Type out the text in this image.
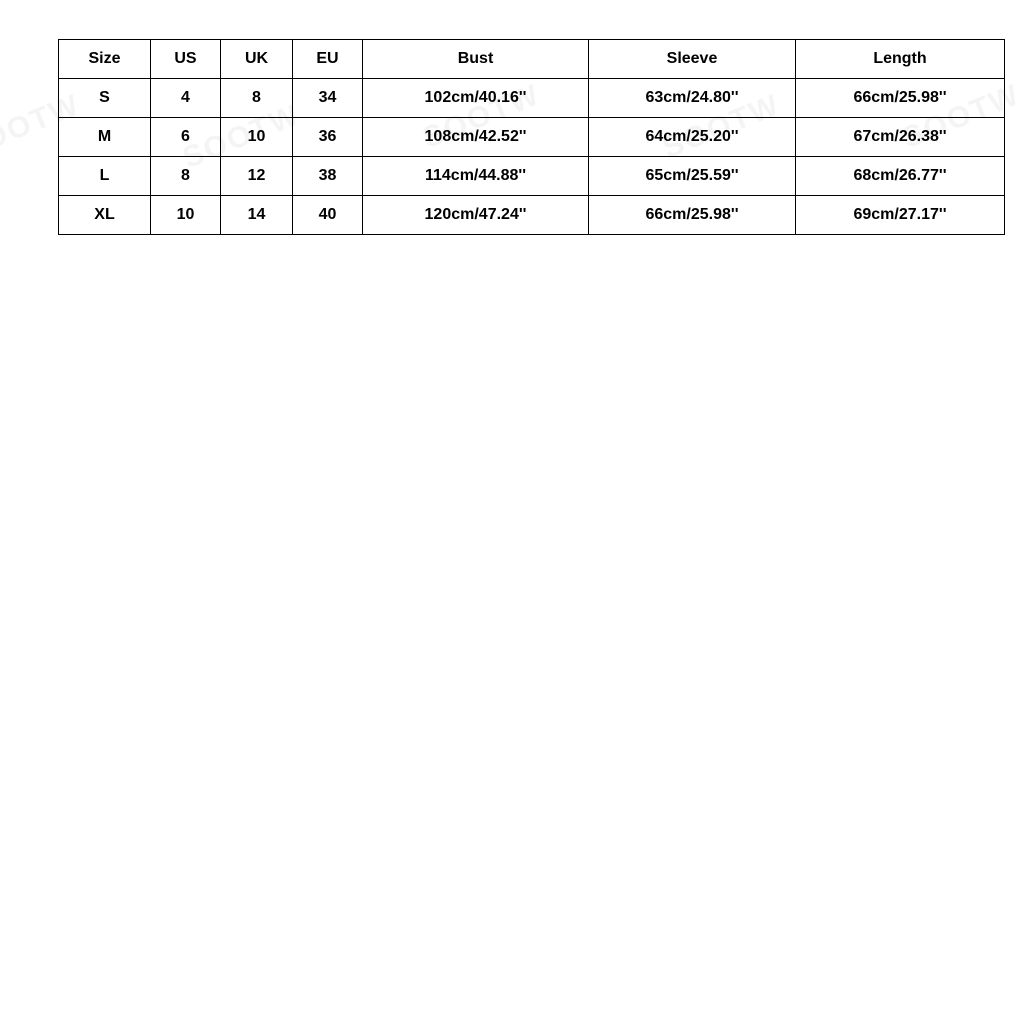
Size	US	UK	EU	Bust	Sleeve	Length
S	4	8	34	102cm/40.16''	63cm/24.80''	66cm/25.98''
M	6	10	36	108cm/42.52''	64cm/25.20''	67cm/26.38''
L	8	12	38	114cm/44.88''	65cm/25.59''	68cm/26.77''
XL	10	14	40	120cm/47.24''	66cm/25.98''	69cm/27.17''
